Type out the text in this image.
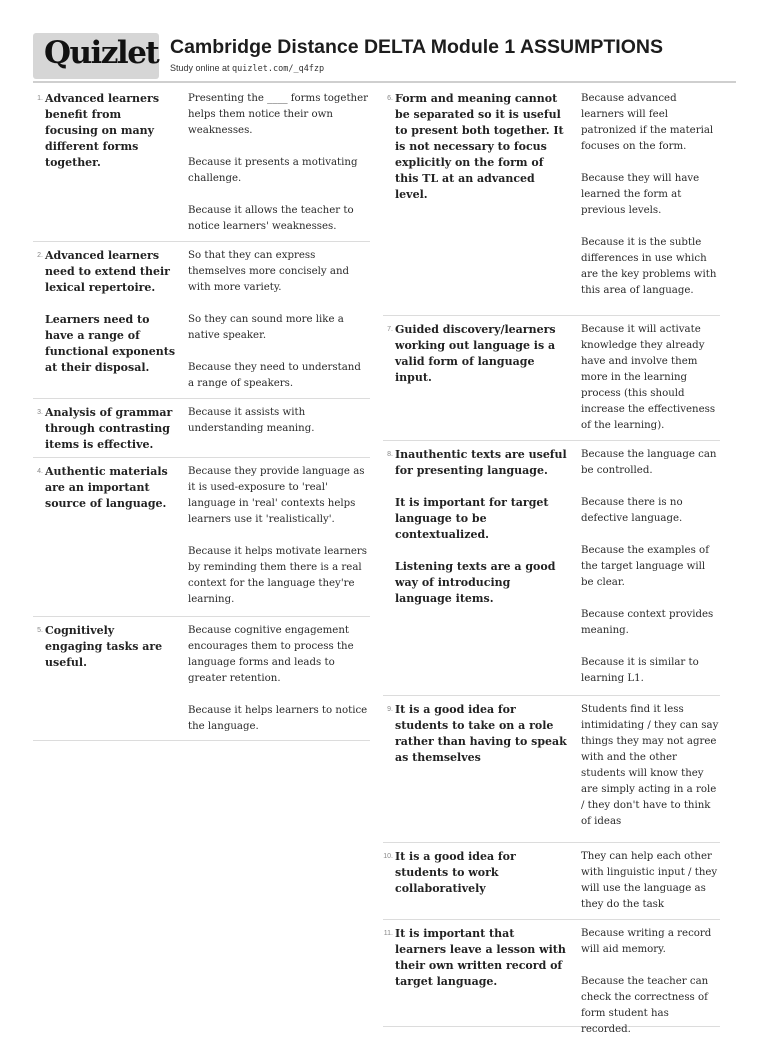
Quizlet Cambridge Distance DELTA Module 1 ASSUMPTIONS
Study online at quizlet.com/_q4fzp
1. Advanced learners benefit from focusing on many different forms together.

Presenting the ____ forms together helps them notice their own weaknesses.

Because it presents a motivating challenge.

Because it allows the teacher to notice learners' weaknesses.

2. Advanced learners need to extend their lexical repertoire.

Learners need to have a range of functional exponents at their disposal.

So that they can express themselves more concisely and with more variety.

So they can sound more like a native speaker.

Because they need to understand a range of speakers.

3. Analysis of grammar through contrasting items is effective.

Because it assists with understanding meaning.

4. Authentic materials are an important source of language.

Because they provide language as it is used-exposure to 'real' language in 'real' contexts helps learners use it 'realistically'.

Because it helps motivate learners by reminding them there is a real context for the language they're learning.

5. Cognitively engaging tasks are useful.

Because cognitive engagement encourages them to process the language forms and leads to greater retention.

Because it helps learners to notice the language.

6. Form and meaning cannot be separated so it is useful to present both together. It is not necessary to focus explicitly on the form of this TL at an advanced level.

Because advanced learners will feel patronized if the material focuses on the form.

Because they will have learned the form at previous levels.

Because it is the subtle differences in use which are the key problems with this area of language.

7. Guided discovery/learners working out language is a valid form of language input.

Because it will activate knowledge they already have and involve them more in the learning process (this should increase the effectiveness of the learning).

8. Inauthentic texts are useful for presenting language.

It is important for target language to be contextualized.

Listening texts are a good way of introducing language items.

Because the language can be controlled.

Because there is no defective language.

Because the examples of the target language will be clear.

Because context provides meaning.

Because it is similar to learning L1.

9. It is a good idea for students to take on a role rather than having to speak as themselves

Students find it less intimidating / they can say things they may not agree with and the other students will know they are simply acting in a role / they don't have to think of ideas

10. It is a good idea for students to work collaboratively

They can help each other with linguistic input / they will use the language as they do the task

11. It is important that learners leave a lesson with their own written record of target language.

Because writing a record will aid memory.

Because the teacher can check the correctness of form student has recorded.
